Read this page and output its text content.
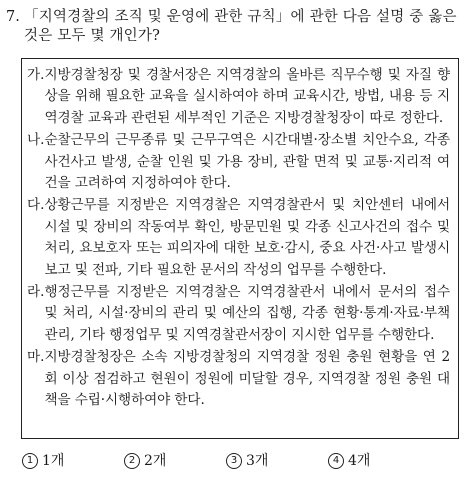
7. 「지역경찰의 조직 및 운영에 관한 규칙」에 관한 다음 설명 중 옳은 것은 모두 몇 개인가?
가. 지방경찰청장 및 경찰서장은 지역경찰의 올바른 직무수행 및 자질 향상을 위해 필요한 교육을 실시하여야 하며 교육시간, 방법, 내용 등 지역경찰 교육과 관련된 세부적인 기준은 지방경찰청장이 따로 정한다.
나. 순찰근무의 근무종류 및 근무구역은 시간대별·장소별 치안수요, 각종 사건사고 발생, 순찰 인원 및 가용 장비, 관할 면적 및 교통·지리적 여건을 고려하여 지정하여야 한다.
다. 상황근무를 지정받은 지역경찰은 지역경찰관서 및 치안센터 내에서 시설 및 장비의 작동여부 확인, 방문민원 및 각종 신고사건의 접수 및 처리, 요보호자 또는 피의자에 대한 보호·감시, 중요 사건·사고 발생시 보고 및 전파, 기타 필요한 문서의 작성의 업무를 수행한다.
라. 행정근무를 지정받은 지역경찰은 지역경찰관서 내에서 문서의 접수 및 처리, 시설·장비의 관리 및 예산의 집행, 각종 현황·통계·자료·부책 관리, 기타 행정업무 및 지역경찰관서장이 지시한 업무를 수행한다.
마. 지방경찰청장은 소속 지방경찰청의 지역경찰 정원 충원 현황을 연 2회 이상 점검하고 현원이 정원에 미달할 경우, 지역경찰 정원 충원 대책을 수립·시행하여야 한다.
1 1개	2 2개	3 3개	4 4개
